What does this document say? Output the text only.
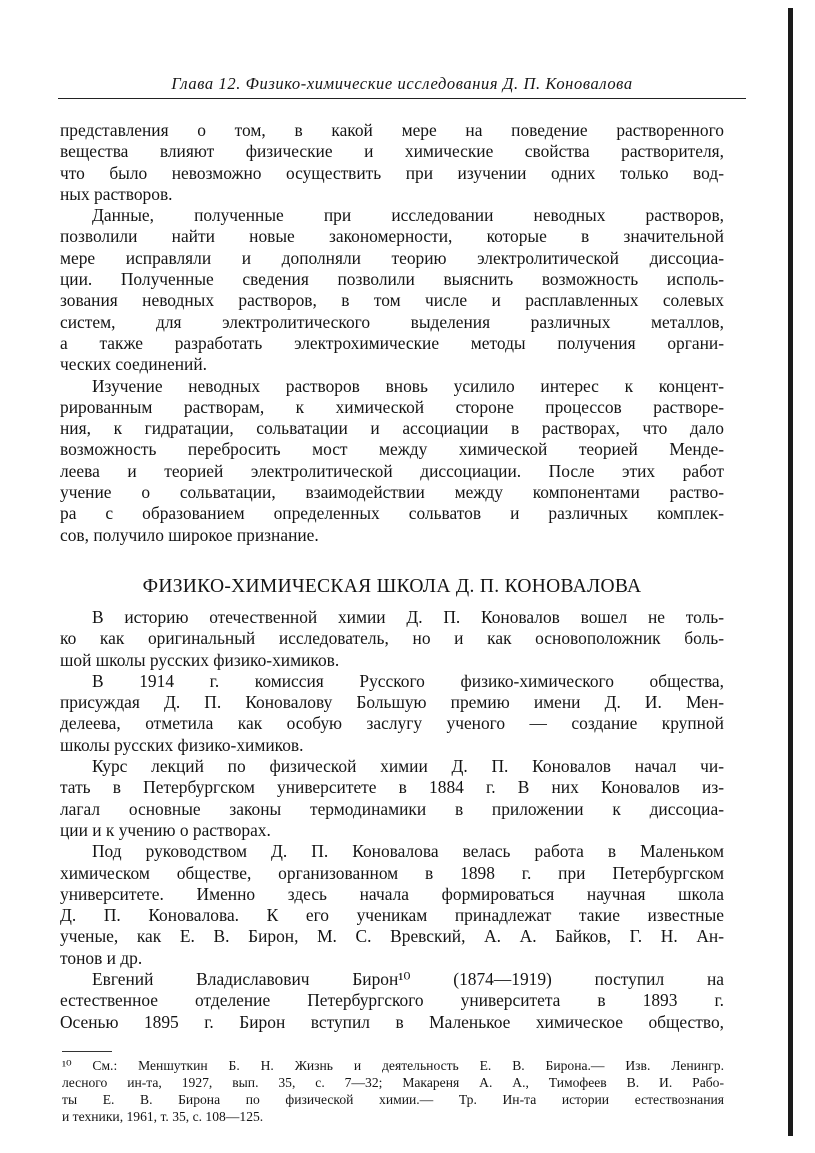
Глава 12. Физико-химические исследования Д. П. Коновалова
представления о том, в какой мере на поведение растворенного
вещества влияют физические и химические свойства растворителя,
что было невозможно осуществить при изучении одних только вод-
ных растворов.
Данные, полученные при исследовании неводных растворов,
позволили найти новые закономерности, которые в значительной
мере исправляли и дополняли теорию электролитической диссоциа-
ции. Полученные сведения позволили выяснить возможность исполь-
зования неводных растворов, в том числе и расплавленных солевых
систем, для электролитического выделения различных металлов,
а также разработать электрохимические методы получения органи-
ческих соединений.
Изучение неводных растворов вновь усилило интерес к концент-
рированным растворам, к химической стороне процессов растворе-
ния, к гидратации, сольватации и ассоциации в растворах, что дало
возможность перебросить мост между химической теорией Менде-
леева и теорией электролитической диссоциации. После этих работ
учение о сольватации, взаимодействии между компонентами раство-
ра с образованием определенных сольватов и различных комплек-
сов, получило широкое признание.
ФИЗИКО-ХИМИЧЕСКАЯ ШКОЛА Д. П. КОНОВАЛОВА
В историю отечественной химии Д. П. Коновалов вошел не толь-
ко как оригинальный исследователь, но и как основоположник боль-
шой школы русских физико-химиков.
В 1914 г. комиссия Русского физико-химического общества,
присуждая Д. П. Коновалову Большую премию имени Д. И. Мен-
делеева, отметила как особую заслугу ученого — создание крупной
школы русских физико-химиков.
Курс лекций по физической химии Д. П. Коновалов начал чи-
тать в Петербургском университете в 1884 г. В них Коновалов из-
лагал основные законы термодинамики в приложении к диссоциа-
ции и к учению о растворах.
Под руководством Д. П. Коновалова велась работа в Маленьком
химическом обществе, организованном в 1898 г. при Петербургском
университете. Именно здесь начала формироваться научная школа
Д. П. Коновалова. К его ученикам принадлежат такие известные
ученые, как Е. В. Бирон, М. С. Вревский, А. А. Байков, Г. Н. Ан-
тонов и др.
Евгений Владиславович Бирон¹⁰ (1874—1919) поступил на
естественное отделение Петербургского университета в 1893 г.
Осенью 1895 г. Бирон вступил в Маленькое химическое общество,
¹⁰ См.: Меншуткин Б. Н. Жизнь и деятельность Е. В. Бирона.— Изв. Ленингр.
лесного ин-та, 1927, вып. 35, с. 7—32; Макареня А. А., Тимофеев В. И. Рабо-
ты Е. В. Бирона по физической химии.— Тр. Ин-та истории естествознания
и техники, 1961, т. 35, с. 108—125.
